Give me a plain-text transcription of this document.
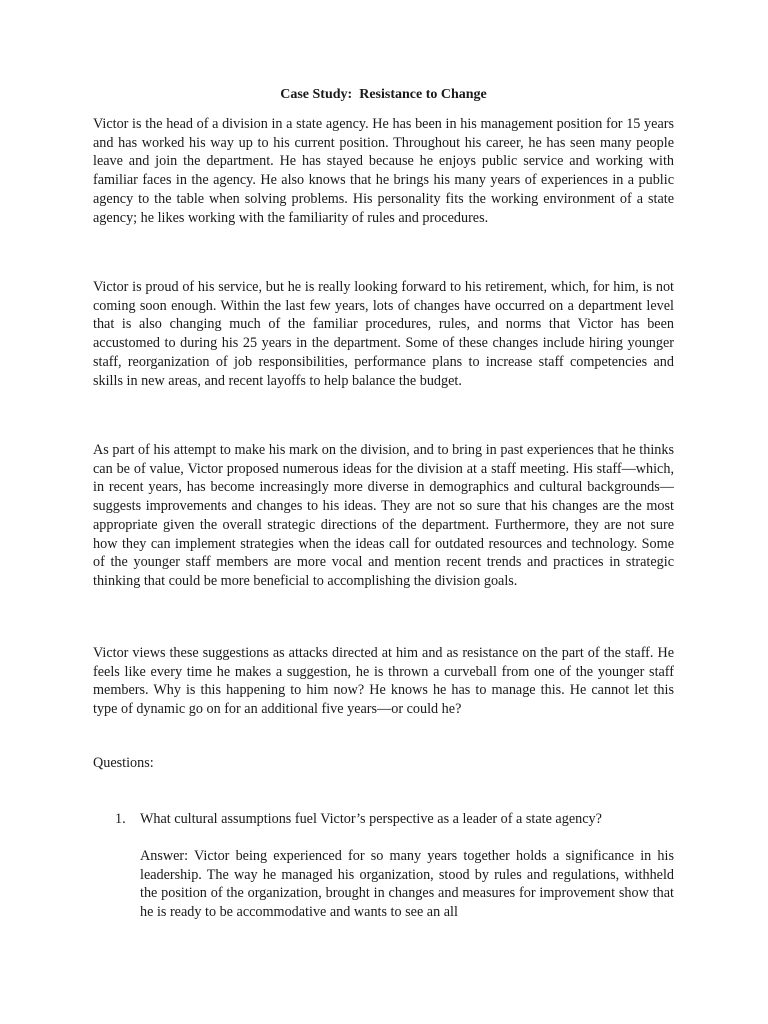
Case Study:  Resistance to Change

Victor is the head of a division in a state agency. He has been in his management position for 15 years and has worked his way up to his current position. Throughout his career, he has seen many people leave and join the department. He has stayed because he enjoys public service and working with familiar faces in the agency. He also knows that he brings his many years of experiences in a public agency to the table when solving problems. His personality fits the working environment of a state agency; he likes working with the familiarity of rules and procedures.

Victor is proud of his service, but he is really looking forward to his retirement, which, for him, is not coming soon enough. Within the last few years, lots of changes have occurred on a department level that is also changing much of the familiar procedures, rules, and norms that Victor has been accustomed to during his 25 years in the department. Some of these changes include hiring younger staff, reorganization of job responsibilities, performance plans to increase staff competencies and skills in new areas, and recent layoffs to help balance the budget.

As part of his attempt to make his mark on the division, and to bring in past experiences that he thinks can be of value, Victor proposed numerous ideas for the division at a staff meeting. His staff—which, in recent years, has become increasingly more diverse in demographics and cultural backgrounds—suggests improvements and changes to his ideas. They are not so sure that his changes are the most appropriate given the overall strategic directions of the department. Furthermore, they are not sure how they can implement strategies when the ideas call for outdated resources and technology. Some of the younger staff members are more vocal and mention recent trends and practices in strategic thinking that could be more beneficial to accomplishing the division goals.

Victor views these suggestions as attacks directed at him and as resistance on the part of the staff. He feels like every time he makes a suggestion, he is thrown a curveball from one of the younger staff members. Why is this happening to him now? He knows he has to manage this. He cannot let this type of dynamic go on for an additional five years—or could he?

Questions:
1. What cultural assumptions fuel Victor’s perspective as a leader of a state agency?

Answer: Victor being experienced for so many years together holds a significance in his leadership. The way he managed his organization, stood by rules and regulations, withheld the position of the organization, brought in changes and measures for improvement show that he is ready to be accommodative and wants to see an all
